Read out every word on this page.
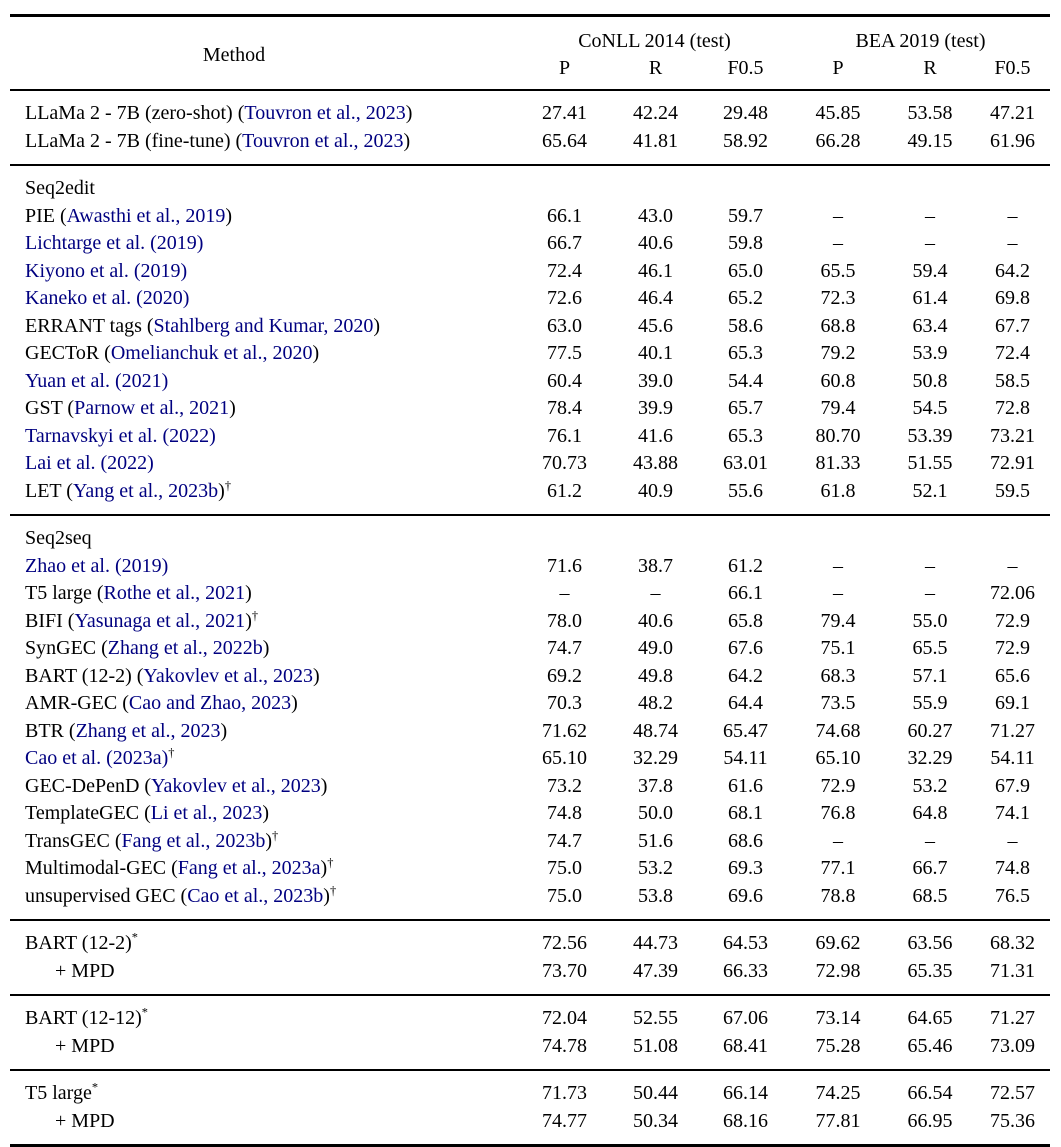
Method	CoNLL 2014 (test)			BEA 2019 (test)		
	P	R	F0.5	P	R	F0.5
LLaMa 2 - 7B (zero-shot) (Touvron et al., 2023)	27.41	42.24	29.48	45.85	53.58	47.21
LLaMa 2 - 7B (fine-tune) (Touvron et al., 2023)	65.64	41.81	58.92	66.28	49.15	61.96
Seq2edit						
PIE (Awasthi et al., 2019)	66.1	43.0	59.7	–	–	–
Lichtarge et al. (2019)	66.7	40.6	59.8	–	–	–
Kiyono et al. (2019)	72.4	46.1	65.0	65.5	59.4	64.2
Kaneko et al. (2020)	72.6	46.4	65.2	72.3	61.4	69.8
ERRANT tags (Stahlberg and Kumar, 2020)	63.0	45.6	58.6	68.8	63.4	67.7
GECToR (Omelianchuk et al., 2020)	77.5	40.1	65.3	79.2	53.9	72.4
Yuan et al. (2021)	60.4	39.0	54.4	60.8	50.8	58.5
GST (Parnow et al., 2021)	78.4	39.9	65.7	79.4	54.5	72.8
Tarnavskyi et al. (2022)	76.1	41.6	65.3	80.70	53.39	73.21
Lai et al. (2022)	70.73	43.88	63.01	81.33	51.55	72.91
LET (Yang et al., 2023b)†	61.2	40.9	55.6	61.8	52.1	59.5
Seq2seq						
Zhao et al. (2019)	71.6	38.7	61.2	–	–	–
T5 large (Rothe et al., 2021)	–	–	66.1	–	–	72.06
BIFI (Yasunaga et al., 2021)†	78.0	40.6	65.8	79.4	55.0	72.9
SynGEC (Zhang et al., 2022b)	74.7	49.0	67.6	75.1	65.5	72.9
BART (12-2) (Yakovlev et al., 2023)	69.2	49.8	64.2	68.3	57.1	65.6
AMR-GEC (Cao and Zhao, 2023)	70.3	48.2	64.4	73.5	55.9	69.1
BTR (Zhang et al., 2023)	71.62	48.74	65.47	74.68	60.27	71.27
Cao et al. (2023a)†	65.10	32.29	54.11	65.10	32.29	54.11
GEC-DePenD (Yakovlev et al., 2023)	73.2	37.8	61.6	72.9	53.2	67.9
TemplateGEC (Li et al., 2023)	74.8	50.0	68.1	76.8	64.8	74.1
TransGEC (Fang et al., 2023b)†	74.7	51.6	68.6	–	–	–
Multimodal-GEC (Fang et al., 2023a)†	75.0	53.2	69.3	77.1	66.7	74.8
unsupervised GEC (Cao et al., 2023b)†	75.0	53.8	69.6	78.8	68.5	76.5
BART (12-2)*	72.56	44.73	64.53	69.62	63.56	68.32
+ MPD	73.70	47.39	66.33	72.98	65.35	71.31
BART (12-12)*	72.04	52.55	67.06	73.14	64.65	71.27
+ MPD	74.78	51.08	68.41	75.28	65.46	73.09
T5 large*	71.73	50.44	66.14	74.25	66.54	72.57
+ MPD	74.77	50.34	68.16	77.81	66.95	75.36
